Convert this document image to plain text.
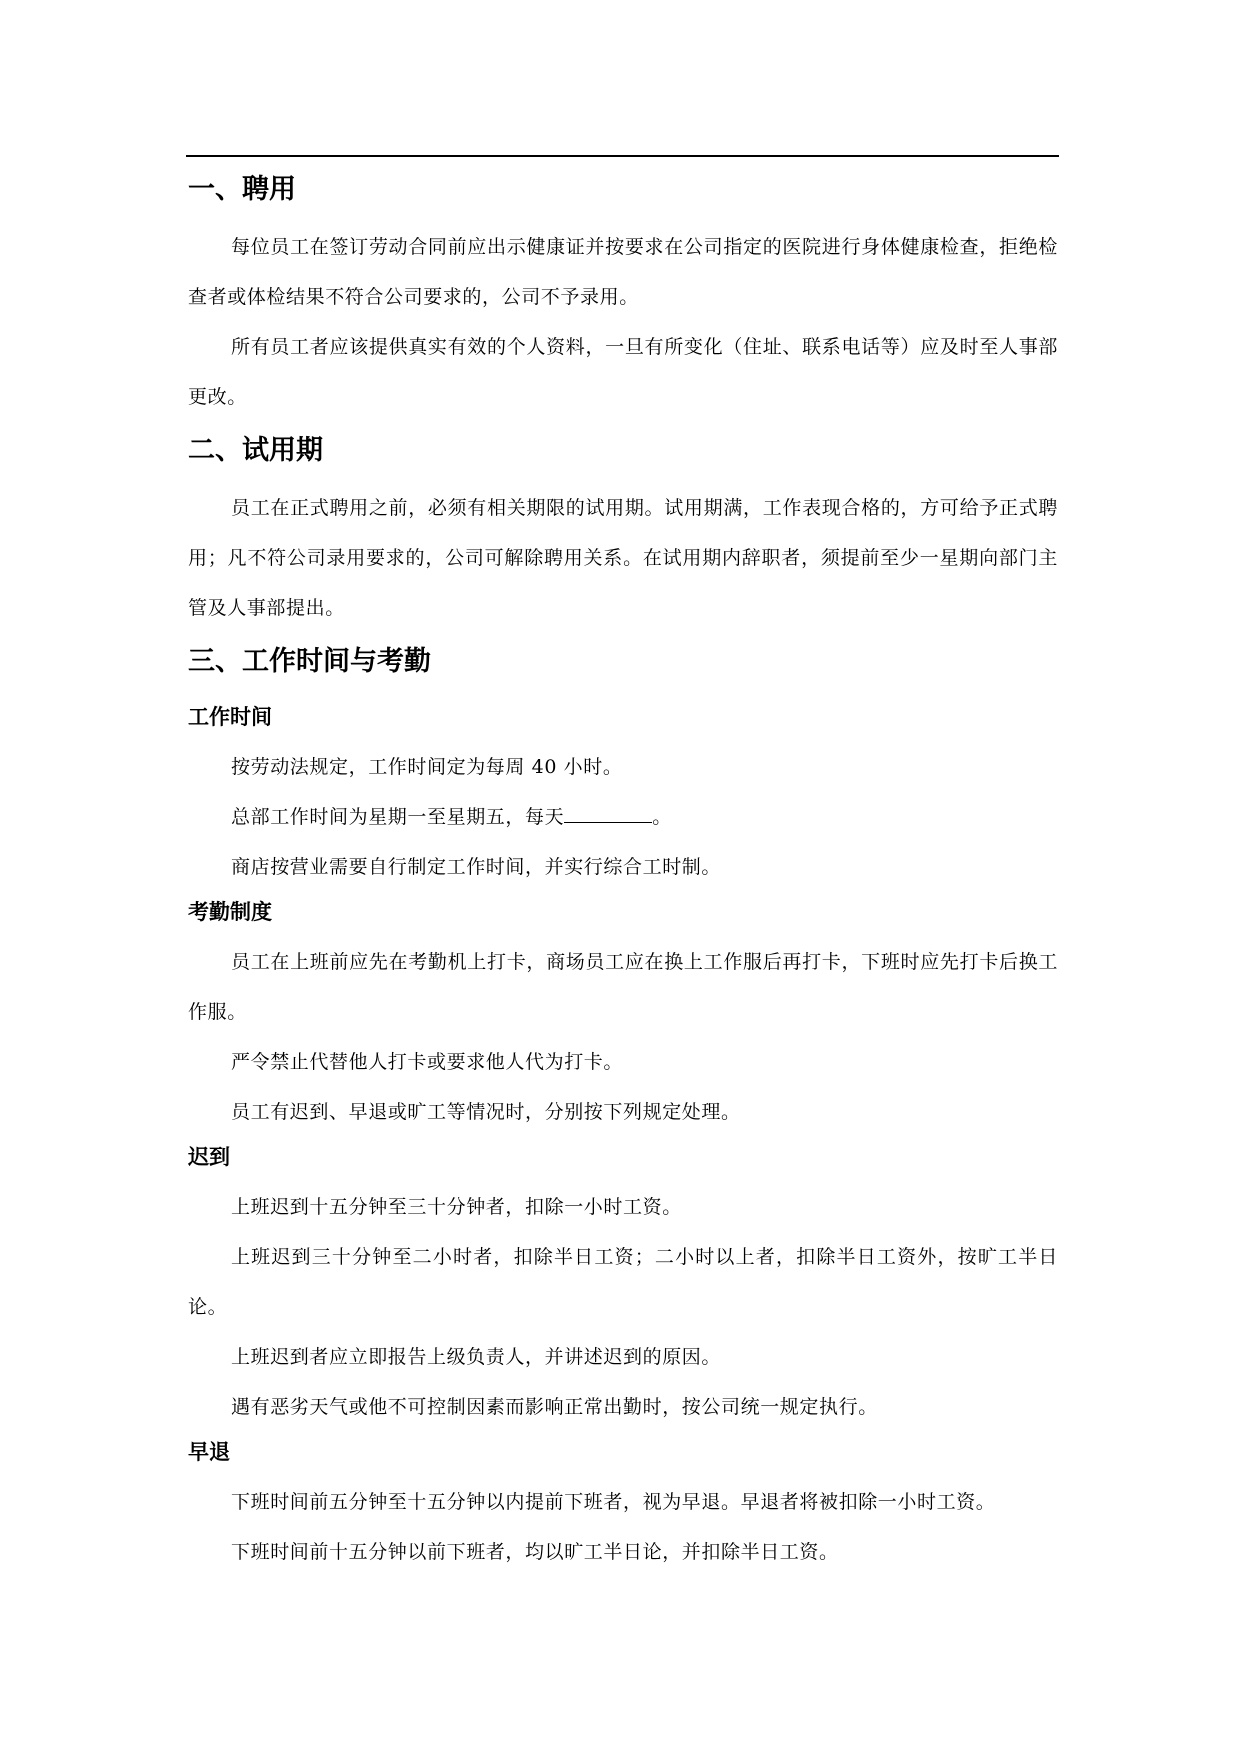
一、聘用

每位员工在签订劳动合同前应出示健康证并按要求在公司指定的医院进行身体健康检查，拒绝检查者或体检结果不符合公司要求的，公司不予录用。

所有员工者应该提供真实有效的个人资料，一旦有所变化（住址、联系电话等）应及时至人事部更改。

二、试用期

员工在正式聘用之前，必须有相关期限的试用期。试用期满，工作表现合格的，方可给予正式聘用；凡不符公司录用要求的，公司可解除聘用关系。在试用期内辞职者，须提前至少一星期向部门主管及人事部提出。

三、工作时间与考勤
工作时间

按劳动法规定，工作时间定为每周 40 小时。

总部工作时间为星期一至星期五，每天	。

商店按营业需要自行制定工作时间，并实行综合工时制。

考勤制度

员工在上班前应先在考勤机上打卡，商场员工应在换上工作服后再打卡，下班时应先打卡后换工作服。

严令禁止代替他人打卡或要求他人代为打卡。

员工有迟到、早退或旷工等情况时，分别按下列规定处理。

迟到

上班迟到十五分钟至三十分钟者，扣除一小时工资。

上班迟到三十分钟至二小时者，扣除半日工资；二小时以上者，扣除半日工资外，按旷工半日论。

上班迟到者应立即报告上级负责人，并讲述迟到的原因。

遇有恶劣天气或他不可控制因素而影响正常出勤时，按公司统一规定执行。

早退

下班时间前五分钟至十五分钟以内提前下班者，视为早退。早退者将被扣除一小时工资。

下班时间前十五分钟以前下班者，均以旷工半日论，并扣除半日工资。
